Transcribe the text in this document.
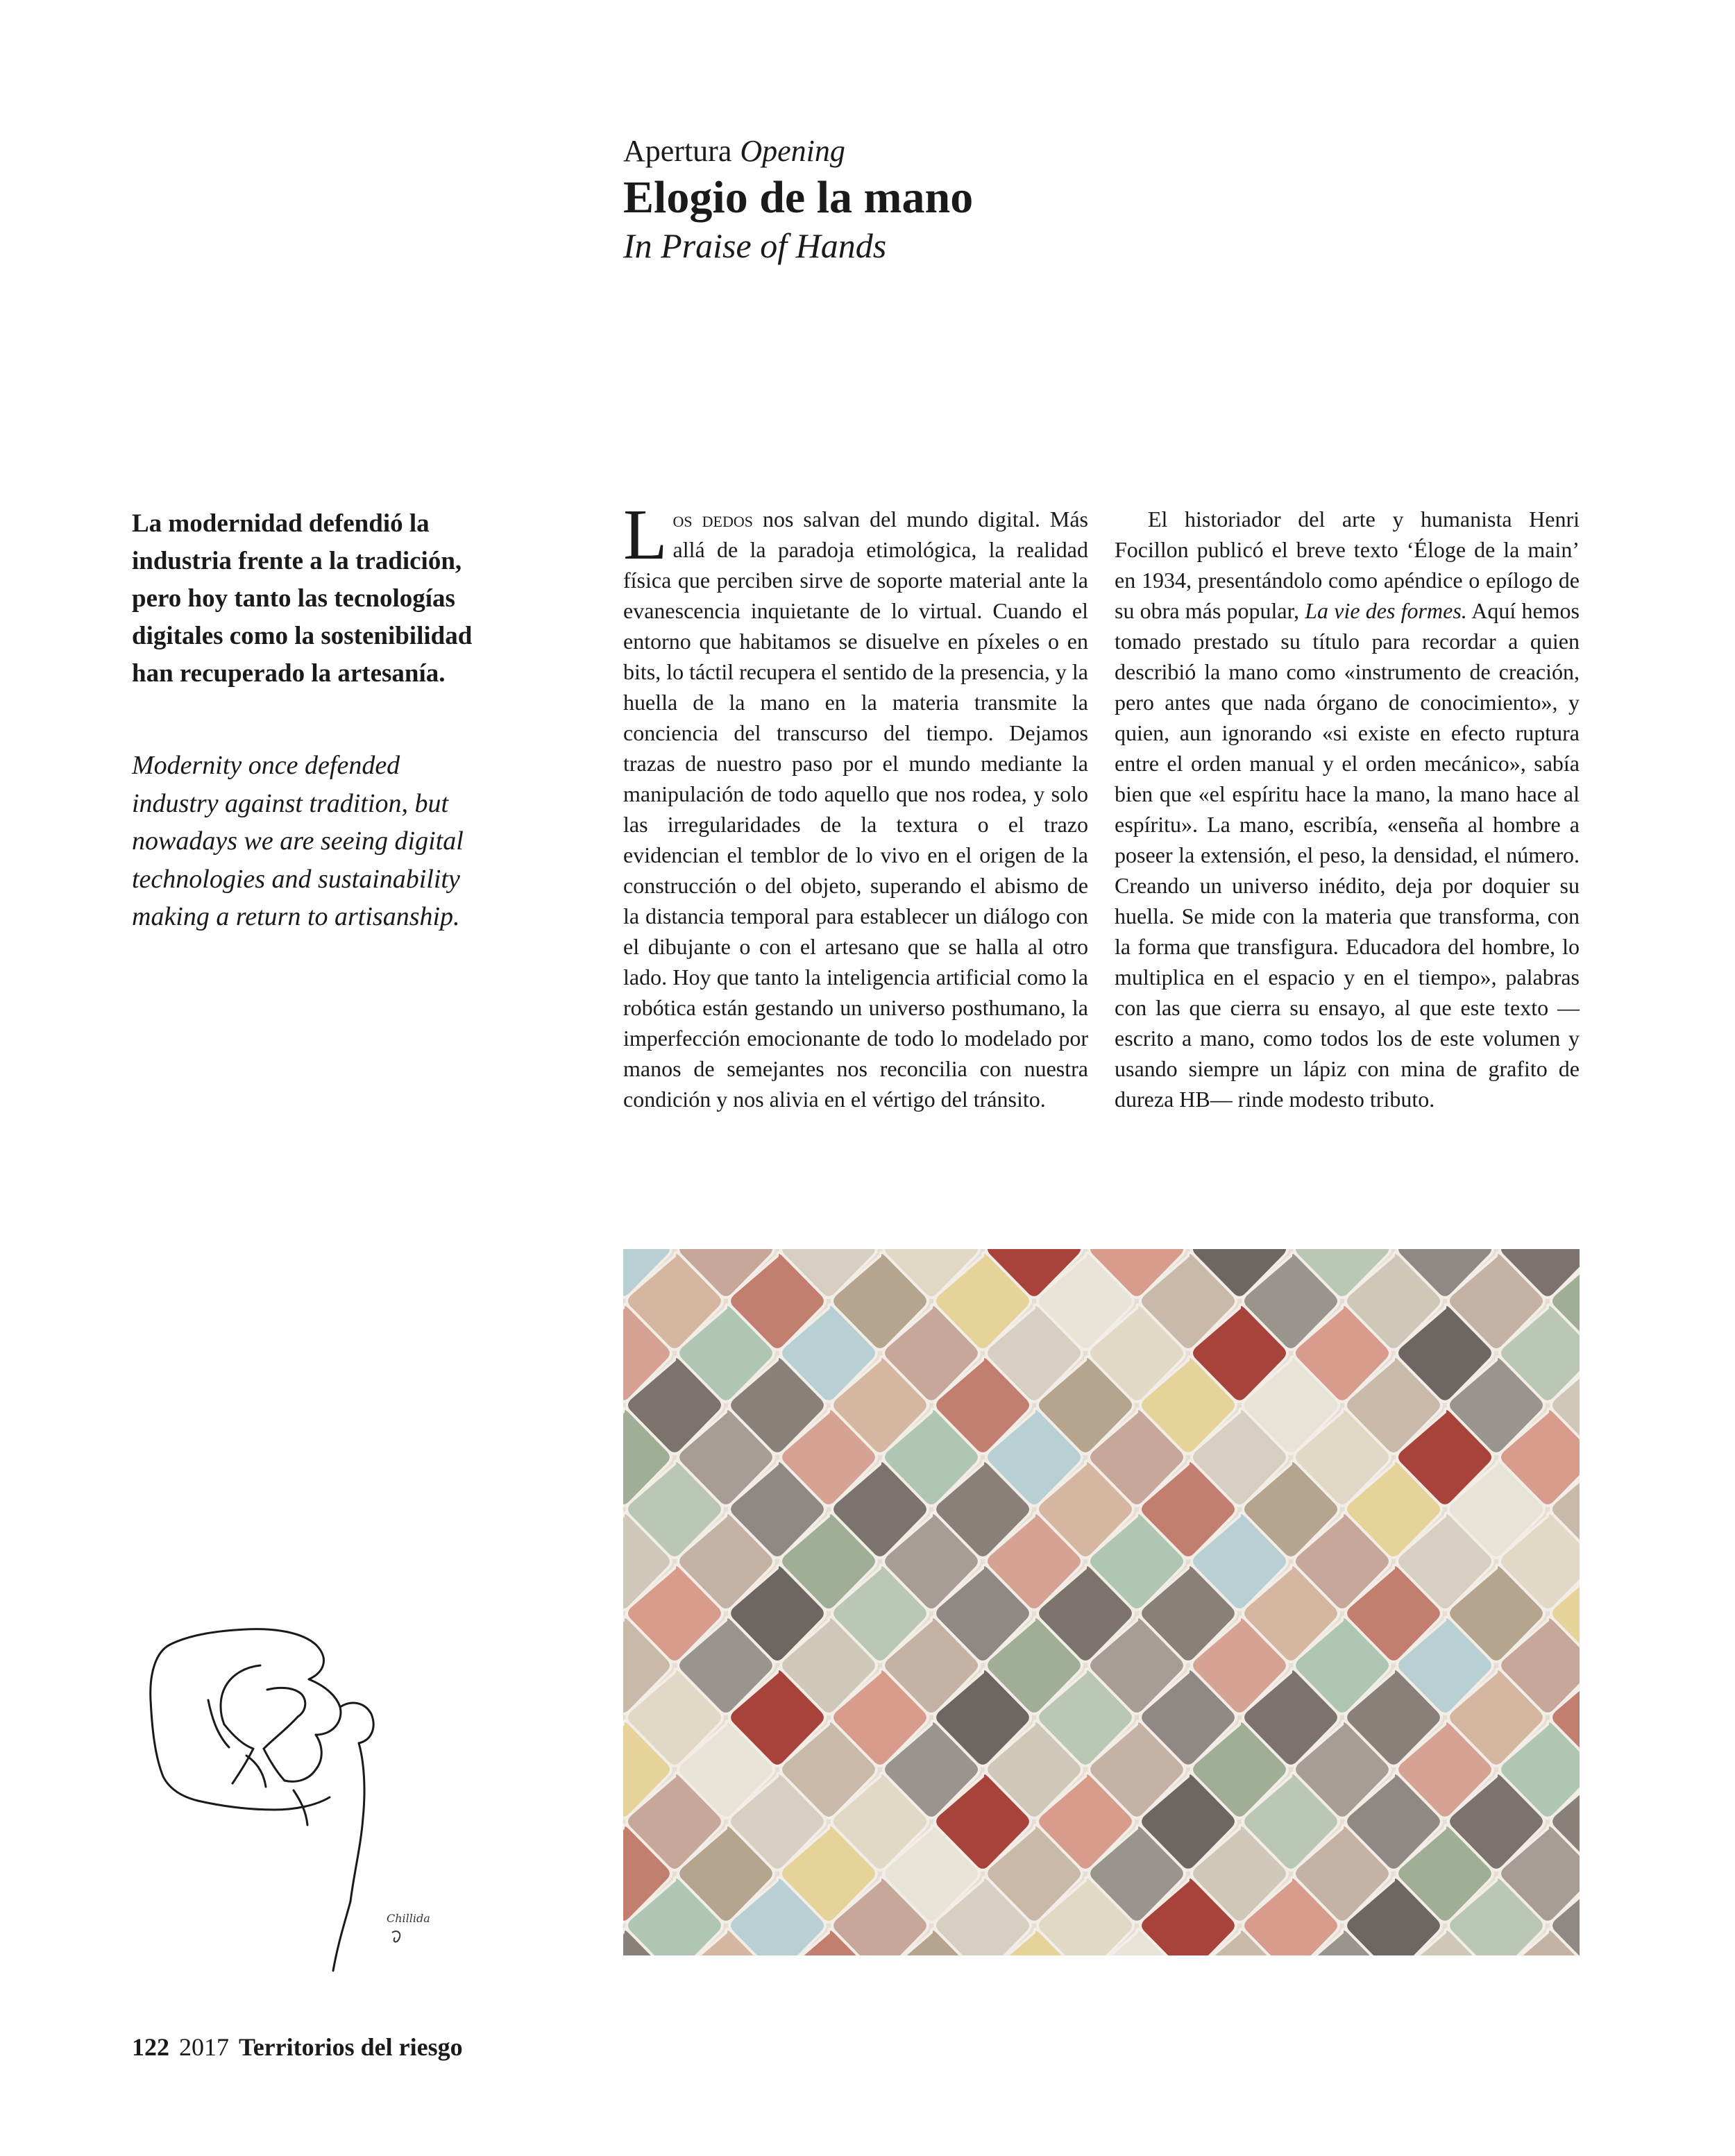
Apertura Opening
Elogio de la mano
In Praise of Hands
La modernidad defendió la industria frente a la tradición, pero hoy tanto las tecnologías digitales como la sostenibilidad han recuperado la artesanía.
Modernity once defended industry against tradition, but nowadays we are seeing digital technologies and sustainability making a return to artisanship.

Los dedos nos salvan del mundo digital. Más allá de la paradoja etimológica, la realidad física que perciben sirve de soporte material ante la evanescencia inquietante de lo virtual. Cuando el entorno que habitamos se disuelve en píxeles o en bits, lo táctil recupera el sentido de la presencia, y la huella de la mano en la materia transmite la conciencia del transcurso del tiempo. Dejamos trazas de nuestro paso por el mundo mediante la manipulación de todo aquello que nos rodea, y solo las irregularidades de la textura o el trazo evidencian el temblor de lo vivo en el origen de la construcción o del objeto, superando el abismo de la distancia temporal para establecer un diálogo con el dibujante o con el artesano que se halla al otro lado. Hoy que tanto la inteligencia artificial como la robótica están gestando un universo posthumano, la imperfección emocionante de todo lo modelado por manos de semejantes nos reconcilia con nuestra condición y nos alivia en el vértigo del tránsito.

El historiador del arte y humanista Henri Focillon publicó el breve texto ‘Éloge de la main’ en 1934, presentándolo como apéndice o epílogo de su obra más popular, La vie des formes. Aquí hemos tomado prestado su título para recordar a quien describió la mano como «instrumento de creación, pero antes que nada órgano de conocimiento», y quien, aun ignorando «si existe en efecto ruptura entre el orden manual y el orden mecánico», sabía bien que «el espíritu hace la mano, la mano hace al espíritu». La mano, escribía, «enseña al hombre a poseer la extensión, el peso, la densidad, el número. Creando un universo inédito, deja por doquier su huella. Se mide con la materia que transforma, con la forma que transfigura. Educadora del hombre, lo multiplica en el espacio y en el tiempo», palabras con las que cierra su ensayo, al que este texto —escrito a mano, como todos los de este volumen y usando siempre un lápiz con mina de grafito de dureza HB— rinde modesto tributo.

Chillida
122 2017 Territorios del riesgo
